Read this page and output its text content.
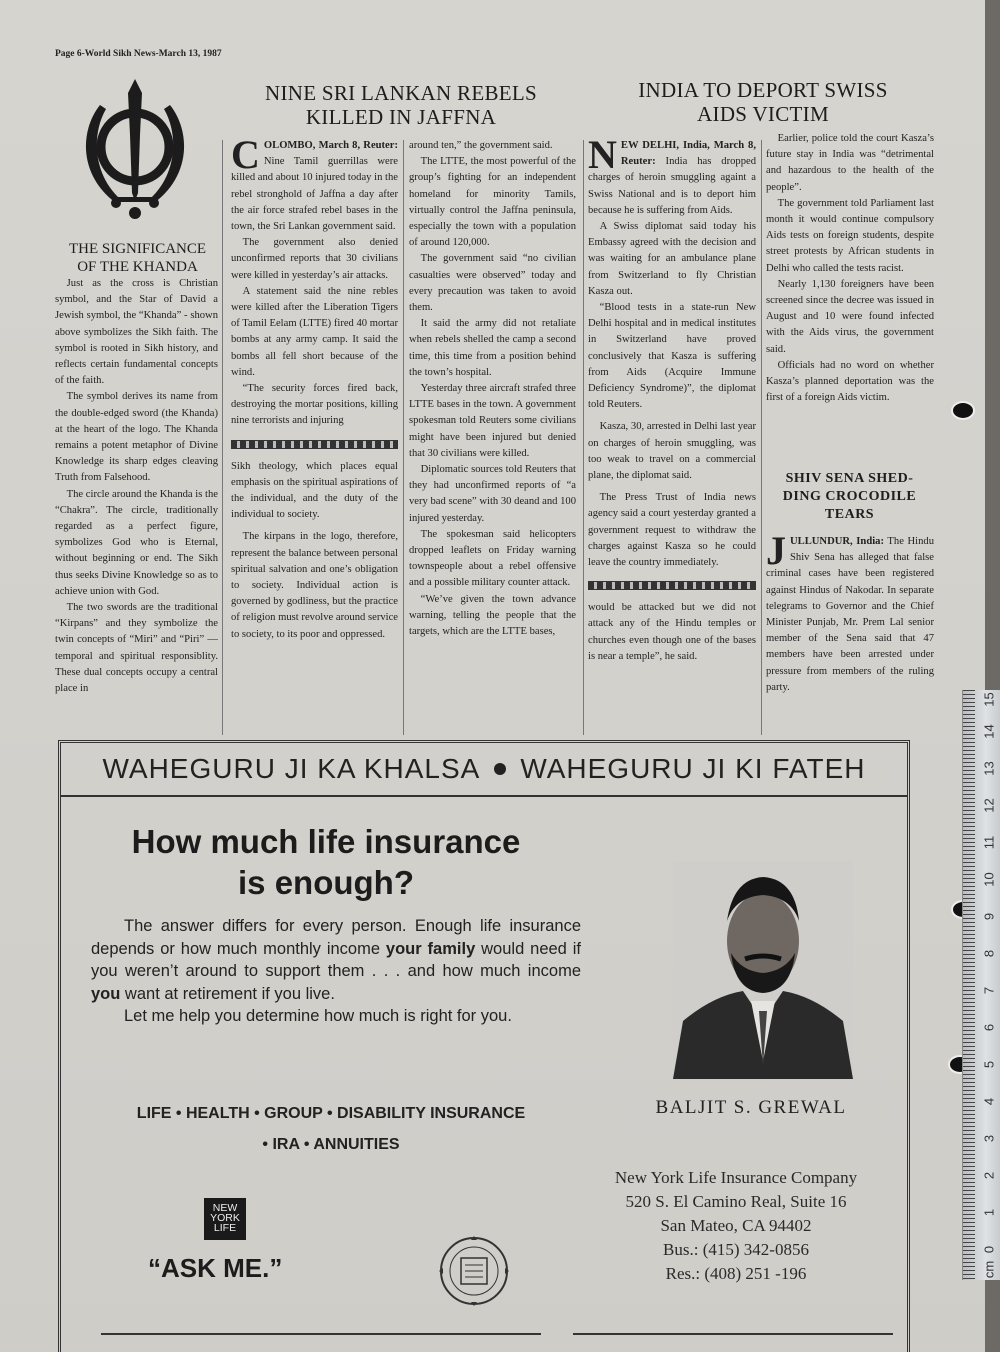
Page 6-World Sikh News-March 13, 1987
THE SIGNIFICANCE
OF THE KHANDA

Just as the cross is Christian symbol, and the Star of David a Jewish symbol, the “Khanda” - shown above symbolizes the Sikh faith. The symbol is rooted in Sikh history, and reflects certain fundamental concepts of the faith.

The symbol derives its name from the double-edged sword (the Khanda) at the heart of the logo. The Khanda remains a potent metaphor of Divine Knowledge its sharp edges cleaving Truth from Falsehood.

The circle around the Khanda is the “Chakra”. The circle, traditionally regarded as a perfect figure, symbolizes God who is Eternal, without beginning or end. The Sikh thus seeks Divine Knowledge so as to achieve union with God.

The two swords are the traditional “Kirpans” and they symbolize the twin concepts of “Miri” and “Piri” — temporal and spiritual responsiblity. These dual concepts occupy a central place in

NINE SRI LANKAN REBELS
KILLED IN JAFFNA

COLOMBO, March 8, Reuter: Nine Tamil guerrillas were killed and about 10 injured today in the rebel stronghold of Jaffna a day after the air force strafed rebel bases in the town, the Sri Lankan government said.

The government also denied unconfirmed reports that 30 civilians were killed in yesterday’s air attacks.

A statement said the nine rebles were killed after the Liberation Tigers of Tamil Eelam (LTTE) fired 40 mortar bombs at any army camp. It said the bombs all fell short because of the wind.

“The security forces fired back, destroying the mortar positions, killing nine terrorists and injuring

Sikh theology, which places equal emphasis on the spiritual aspirations of the individual, and the duty of the individual to society.

The kirpans in the logo, therefore, represent the balance between personal spiritual salvation and one’s obligation to society. Individual action is governed by godliness, but the practice of religion must revolve around service to society, to its poor and oppressed.

around ten,” the government said.

The LTTE, the most powerful of the group’s fighting for an independent homeland for minority Tamils, virtually control the Jaffna peninsula, especially the town with a population of around 120,000.

The government said “no civilian casualties were observed” today and every precaution was taken to avoid them.

It said the army did not retaliate when rebels shelled the camp a second time, this time from a position behind the town’s hospital.

Yesterday three aircraft strafed three LTTE bases in the town. A government spokesman told Reuters some civilians might have been injured but denied that 30 civilians were killed.

Diplomatic sources told Reuters that they had unconfirmed reports of “a very bad scene” with 30 deand and 100 injured yesterday.

The spokesman said helicopters dropped leaflets on Friday warning townspeople about a rebel offensive and a possible military counter attack.

“We’ve given the town advance warning, telling the people that the targets, which are the LTTE bases,

INDIA TO DEPORT SWISS
AIDS VICTIM

NEW DELHI, India, March 8, Reuter: India has dropped charges of heroin smuggling againt a Swiss National and is to deport him because he is suffering from Aids.

A Swiss diplomat said today his Embassy agreed with the decision and was waiting for an ambulance plane from Switzerland to fly Christian Kasza out.

“Blood tests in a state-run New Delhi hospital and in medical institutes in Switzerland have proved conclusively that Kasza is suffering from Aids (Acquire Immune Deficiency Syndrome)”, the diplomat told Reuters.

Kasza, 30, arrested in Delhi last year on charges of heroin smuggling, was too weak to travel on a commercial plane, the diplomat said.

The Press Trust of India news agency said a court yesterday granted a government request to withdraw the charges against Kasza so he could leave the country immediately.

would be attacked but we did not attack any of the Hindu temples or churches even though one of the bases is near a temple”, he said.

Earlier, police told the court Kasza’s future stay in India was “detrimental and hazardous to the health of the people”.

The government told Parliament last month it would continue compulsory Aids tests on foreign students, despite street protests by African students in Delhi who called the tests racist.

Nearly 1,130 foreigners have been screened since the decree was issued in August and 10 were found infected with the Aids virus, the government said.

Officials had no word on whether Kasza’s planned deportation was the first of a foreign Aids victim.

SHIV SENA SHED-
DING CROCODILE
TEARS

JULLUNDUR, India: The Hindu Shiv Sena has alleged that false criminal cases have been registered against Hindus of Nakodar. In separate telegrams to Governor and the Chief Minister Punjab, Mr. Prem Lal senior member of the Sena said that 47 members have been arrested under pressure from members of the ruling party.

WAHEGURU JI KA KHALSA WAHEGURU JI KI FATEH
How much life insurance
is enough?

The answer differs for every person. Enough life insurance depends or how much monthly income your family would need if you weren’t around to support them . . . and how much income you want at retirement if you live.

Let me help you determine how much is right for you.

LIFE • HEALTH • GROUP • DISABILITY INSURANCE
• IRA • ANNUITIES
NEW
YORK
LIFE
“ASK ME.”
BALJIT S. GREWAL
New York Life Insurance Company
520 S. El Camino Real, Suite 16
San Mateo, CA 94402
Bus.: (415) 342-0856
Res.: (408) 251 -196	cm
0
1
2
3
4
5
6
7
8
9
10
11
12
13
14
15
